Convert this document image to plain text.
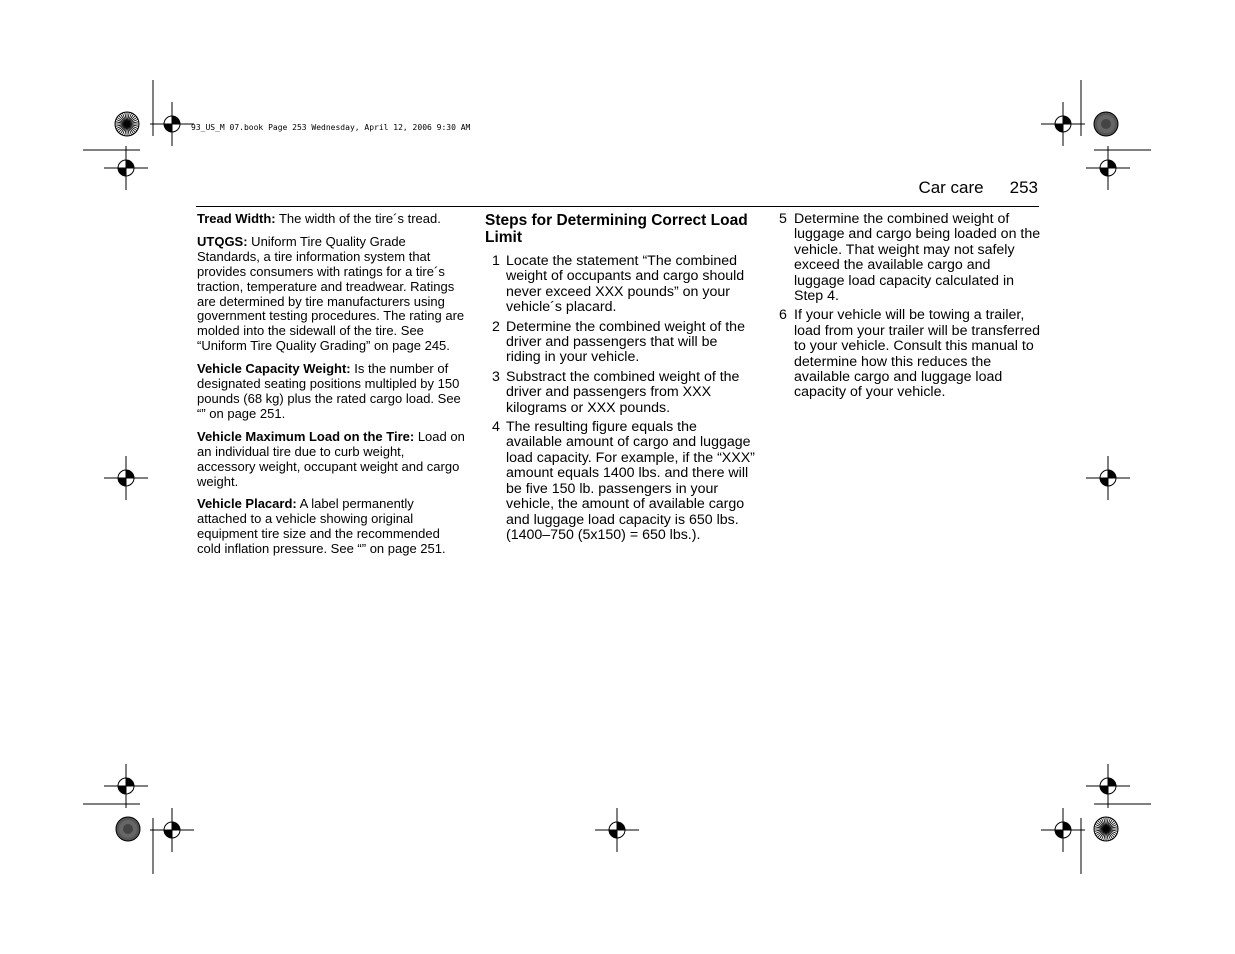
93_US_M 07.book Page 253 Wednesday, April 12, 2006 9:30 AM
Car care 253

Tread Width: The width of the tire´s tread.

UTQGS: Uniform Tire Quality Grade Standards, a tire information system that provides consumers with ratings for a tire´s traction, temperature and treadwear. Ratings are determined by tire manufacturers using government testing procedures. The rating are molded into the sidewall of the tire. See “Uniform Tire Quality Grading” on page 245.

Vehicle Capacity Weight: Is the number of designated seating positions multipled by 150 pounds (68 kg) plus the rated cargo load. See “” on page 251.

Vehicle Maximum Load on the Tire: Load on an individual tire due to curb weight, accessory weight, occupant weight and cargo weight.

Vehicle Placard: A label permanently attached to a vehicle showing original equipment tire size and the recommended cold inflation pressure. See “” on page 251.

Steps for Determining Correct Load Limit

1 Locate the statement “The combined weight of occupants and cargo should never exceed XXX pounds” on your vehicle´s placard.
2 Determine the combined weight of the driver and passengers that will be riding in your vehicle.
3 Substract the combined weight of the driver and passengers from XXX kilograms or XXX pounds.
4 The resulting figure equals the available amount of cargo and luggage load capacity. For example, if the “XXX” amount equals 1400 lbs. and there will be five 150 lb. passengers in your vehicle, the amount of available cargo and luggage load capacity is 650 lbs. (1400–750 (5x150) = 650 lbs.).
5 Determine the combined weight of luggage and cargo being loaded on the vehicle. That weight may not safely exceed the available cargo and luggage load capacity calculated in Step 4.
6 If your vehicle will be towing a trailer, load from your trailer will be transferred to your vehicle. Consult this manual to determine how this reduces the available cargo and luggage load capacity of your vehicle.
